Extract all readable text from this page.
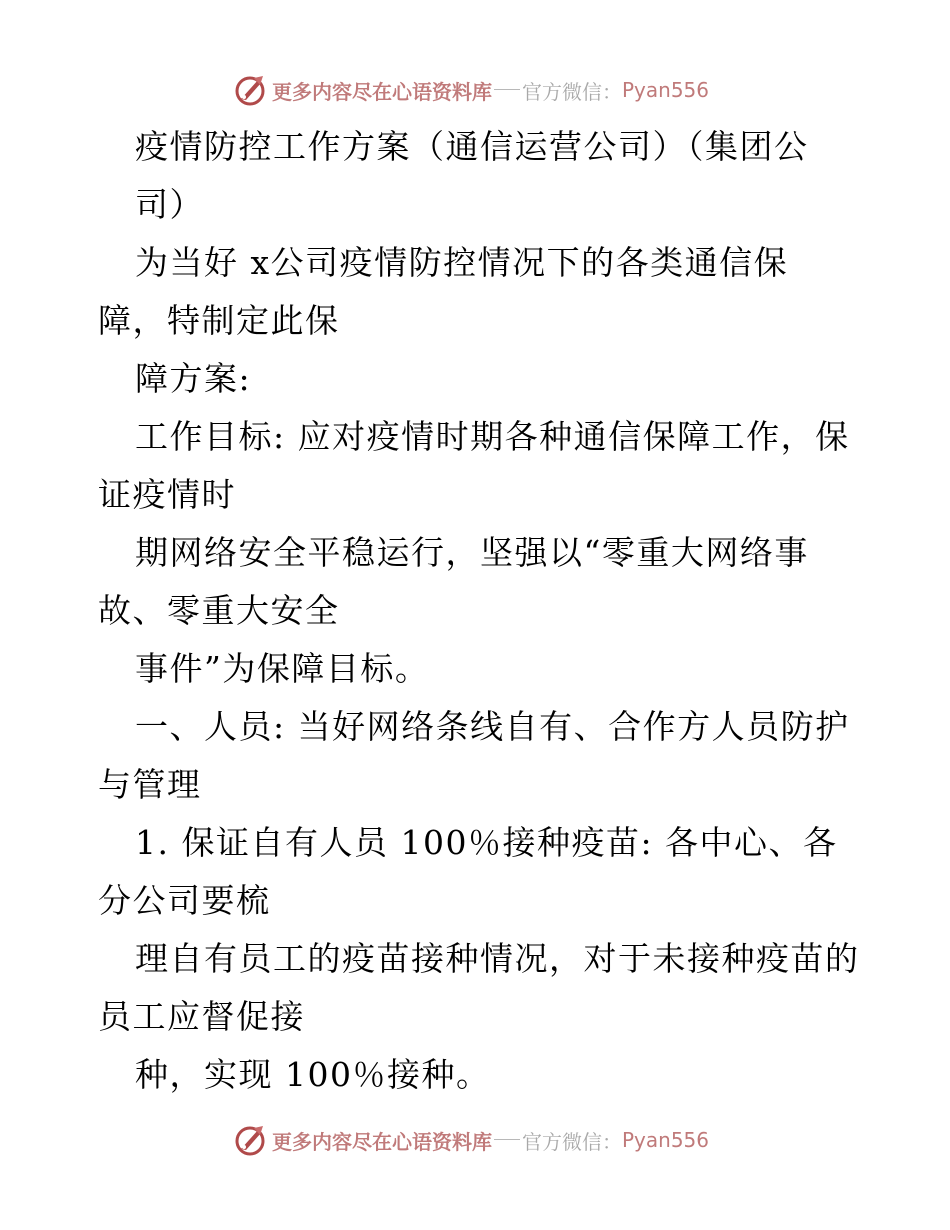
更多内容尽在心语资料库 官方微信： Pyan556
疫情防控工作方案（通信运营公司）（集团公
司）
为当好 x公司疫情防控情况下的各类通信保
障，特制定此保
障方案:
工作目标: 应对疫情时期各种通信保障工作，保
证疫情时
期网络安全平稳运行，坚强以“零重大网络事
故、零重大安全
事件”为保障目标。
一、人员: 当好网络条线自有、合作方人员防护
与管理
1. 保证自有人员 100％接种疫苗: 各中心、各
分公司要梳
理自有员工的疫苗接种情况，对于未接种疫苗的
员工应督促接
种，实现 100％接种。
更多内容尽在心语资料库 官方微信： Pyan556
